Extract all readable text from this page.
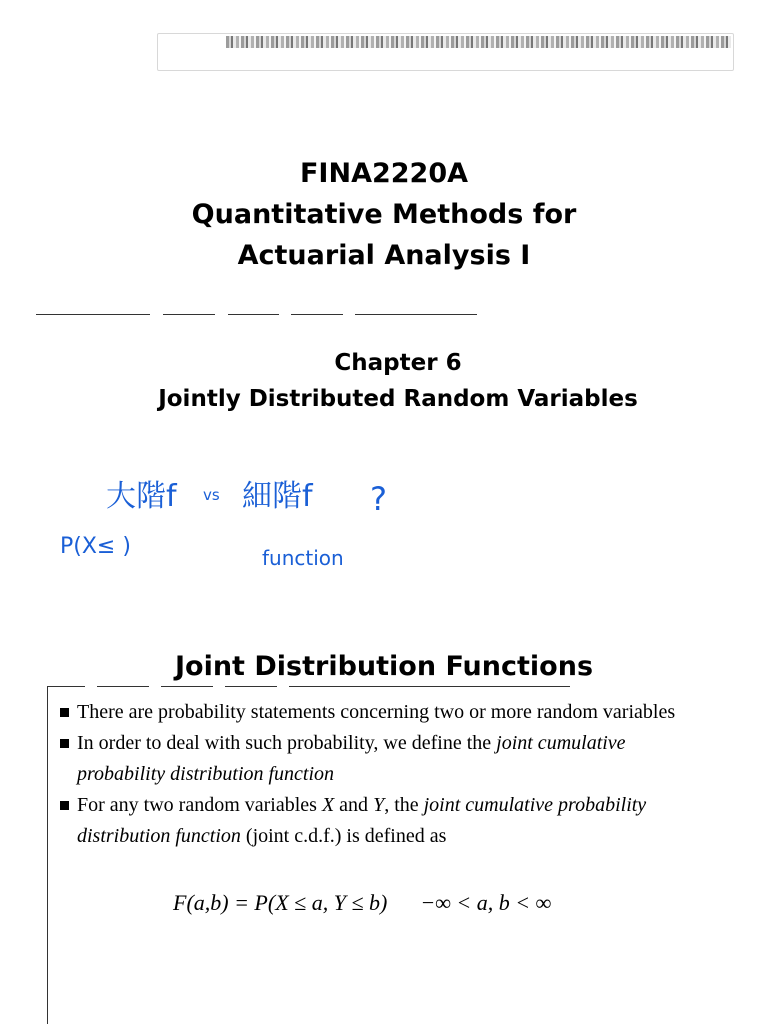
FINA2220A
Quantitative Methods for
Actuarial Analysis I
Chapter 6
Jointly Distributed Random Variables
大階f vs 細階f ?
P(X≤ )	function
Joint Distribution Functions
There are probability statements concerning two or more random variables
In order to deal with such probability, we define the joint cumulative probability distribution function
For any two random variables X and Y, the joint cumulative probability distribution function (joint c.d.f.) is defined as
F(a,b) = P(X ≤ a, Y ≤ b)      −∞ < a, b < ∞
